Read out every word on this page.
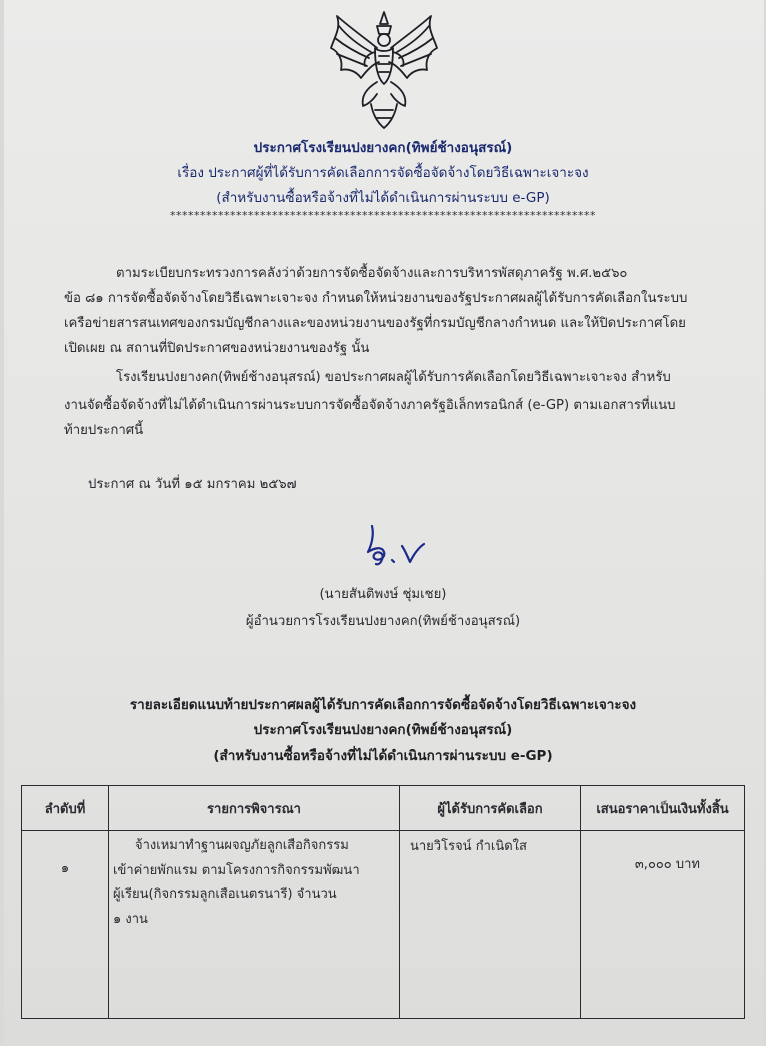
ประกาศโรงเรียนปงยางคก(ทิพย์ช้างอนุสรณ์)
เรื่อง ประกาศผู้ที่ได้รับการคัดเลือกการจัดซื้อจัดจ้างโดยวิธีเฉพาะเจาะจง
(สำหรับงานซื้อหรือจ้างที่ไม่ได้ดำเนินการผ่านระบบ e-GP)
***********************************************************************
ตามระเบียบกระทรวงการคลังว่าด้วยการจัดซื้อจัดจ้างและการบริหารพัสดุภาครัฐ พ.ศ.๒๕๖๐
ข้อ ๘๑ การจัดซื้อจัดจ้างโดยวิธีเฉพาะเจาะจง กำหนดให้หน่วยงานของรัฐประกาศผลผู้ได้รับการคัดเลือกในระบบ
เครือข่ายสารสนเทศของกรมบัญชีกลางและของหน่วยงานของรัฐที่กรมบัญชีกลางกำหนด และให้ปิดประกาศโดย
เปิดเผย ณ สถานที่ปิดประกาศของหน่วยงานของรัฐ นั้น
โรงเรียนปงยางคก(ทิพย์ช้างอนุสรณ์) ขอประกาศผลผู้ได้รับการคัดเลือกโดยวิธีเฉพาะเจาะจง สำหรับ
งานจัดซื้อจัดจ้างที่ไม่ได้ดำเนินการผ่านระบบการจัดซื้อจัดจ้างภาครัฐอิเล็กทรอนิกส์ (e-GP) ตามเอกสารที่แนบ
ท้ายประกาศนี้
ประกาศ ณ วันที่ ๑๕ มกราคม ๒๕๖๗
(นายสันติพงษ์ ชุ่มเชย)
ผู้อำนวยการโรงเรียนปงยางคก(ทิพย์ช้างอนุสรณ์)
รายละเอียดแนบท้ายประกาศผลผู้ได้รับการคัดเลือกการจัดซื้อจัดจ้างโดยวิธีเฉพาะเจาะจง
ประกาศโรงเรียนปงยางคก(ทิพย์ช้างอนุสรณ์)
(สำหรับงานซื้อหรือจ้างที่ไม่ได้ดำเนินการผ่านระบบ e-GP)
ลำดับที่	รายการพิจารณา	ผู้ได้รับการคัดเลือก	เสนอราคาเป็นเงินทั้งสิ้น
๑	จ้างเหมาทำฐานผจญภัยลูกเสือกิจกรรม
เข้าค่ายพักแรม ตามโครงการกิจกรรมพัฒนา
ผู้เรียน(กิจกรรมลูกเสือเนตรนารี) จำนวน
๑ งาน	นายวิโรจน์ กำเนิดใส	๓,๐๐๐ บาท
